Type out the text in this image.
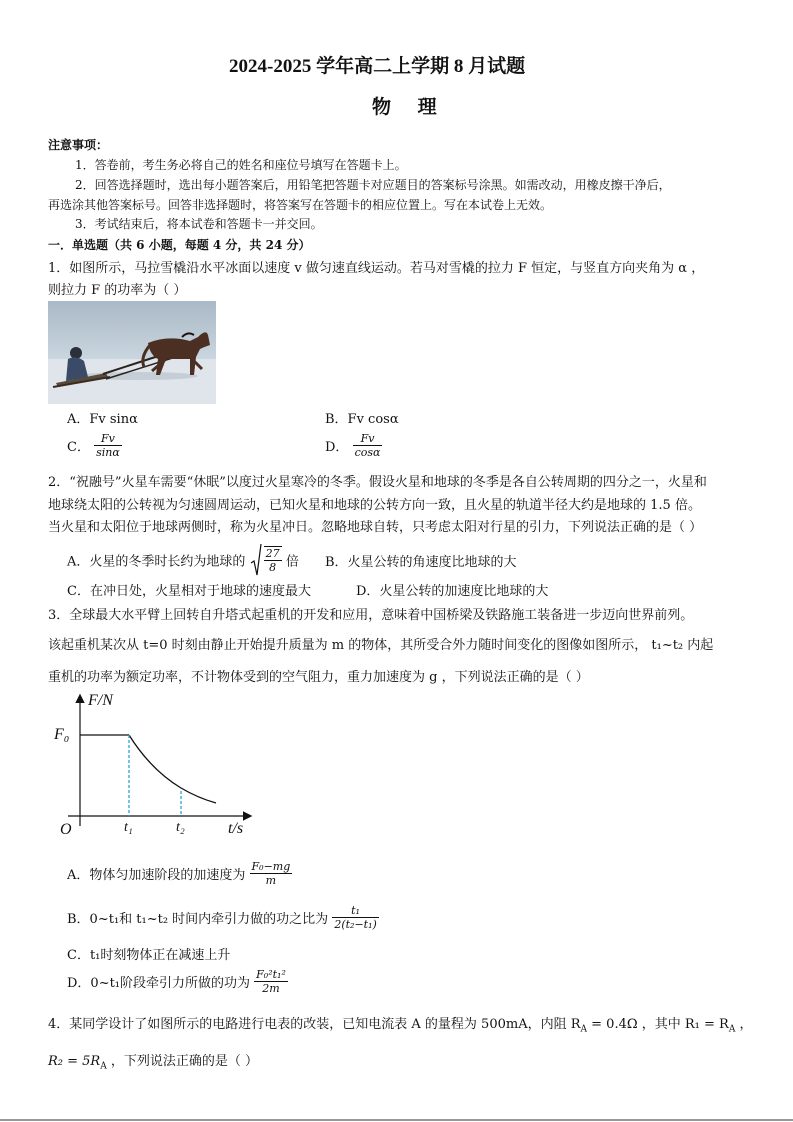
2024-2025 学年高二上学期 8 月试题
物 理
注意事项：
1．答卷前，考生务必将自己的姓名和座位号填写在答题卡上。
2．回答选择题时，选出每小题答案后，用铅笔把答题卡对应题目的答案标号涂黑。如需改动，用橡皮擦干净后，
再选涂其他答案标号。回答非选择题时，将答案写在答题卡的相应位置上。写在本试卷上无效。
3．考试结束后，将本试卷和答题卡一并交回。
一．单选题（共 6 小题，每题 4 分，共 24 分）
1．如图所示，马拉雪橇沿水平冰面以速度 v 做匀速直线运动。若马对雪橇的拉力 F 恒定，与竖直方向夹角为 α ，
则拉力 F 的功率为（ ）
A．Fv sinα	B．Fv cosα
C． $\frac{Fv}{\sin\alpha}$	D． $\frac{Fv}{\cos\alpha}$
2．“祝融号”火星车需要“休眠”以度过火星寒冷的冬季。假设火星和地球的冬季是各自公转周期的四分之一，火星和
地球绕太阳的公转视为匀速圆周运动，已知火星和地球的公转方向一致，且火星的轨道半径大约是地球的 1.5 倍。
当火星和太阳位于地球两侧时，称为火星冲日。忽略地球自转，只考虑太阳对行星的引力，下列说法正确的是（ ）
A．火星的冬季时长约为地球的 $\frac{27}{8}$ 倍 B．火星公转的角速度比地球的大
C．在冲日处，火星相对于地球的速度最大	D．火星公转的加速度比地球的大
3．全球最大水平臂上回转自升塔式起重机的开发和应用，意味着中国桥梁及铁路施工装备进一步迈向世界前列。
该起重机某次从 t=0 时刻由静止开始提升质量为 m 的物体，其所受合外力随时间变化的图像如图所示， t₁~t₂ 内起
重机的功率为额定功率，不计物体受到的空气阻力，重力加速度为 g ，下列说法正确的是（ ）
F/N
F₀
O	t₁	t₂	t/s
A．物体匀加速阶段的加速度为 $\frac{\text{F₀−mg}}{m}$
B．0~t₁和 t₁~t₂ 时间内牵引力做的功之比为 $\frac{\text{t₁}}{\text{2(t₂−t₁)}}$
C．t₁时刻物体正在减速上升
D．0~t₁阶段牵引力所做的功为 $\frac{\text{F₀²t₁²}}{2m}$
4．某同学设计了如图所示的电路进行电表的改装，已知电流表 A 的量程为 500mA，内阻 $R_A = 0.4\Omega$ ，其中 $R_1 = R_A$ ，
$R_2 = 5R_A$ ，下列说法正确的是（ ）
